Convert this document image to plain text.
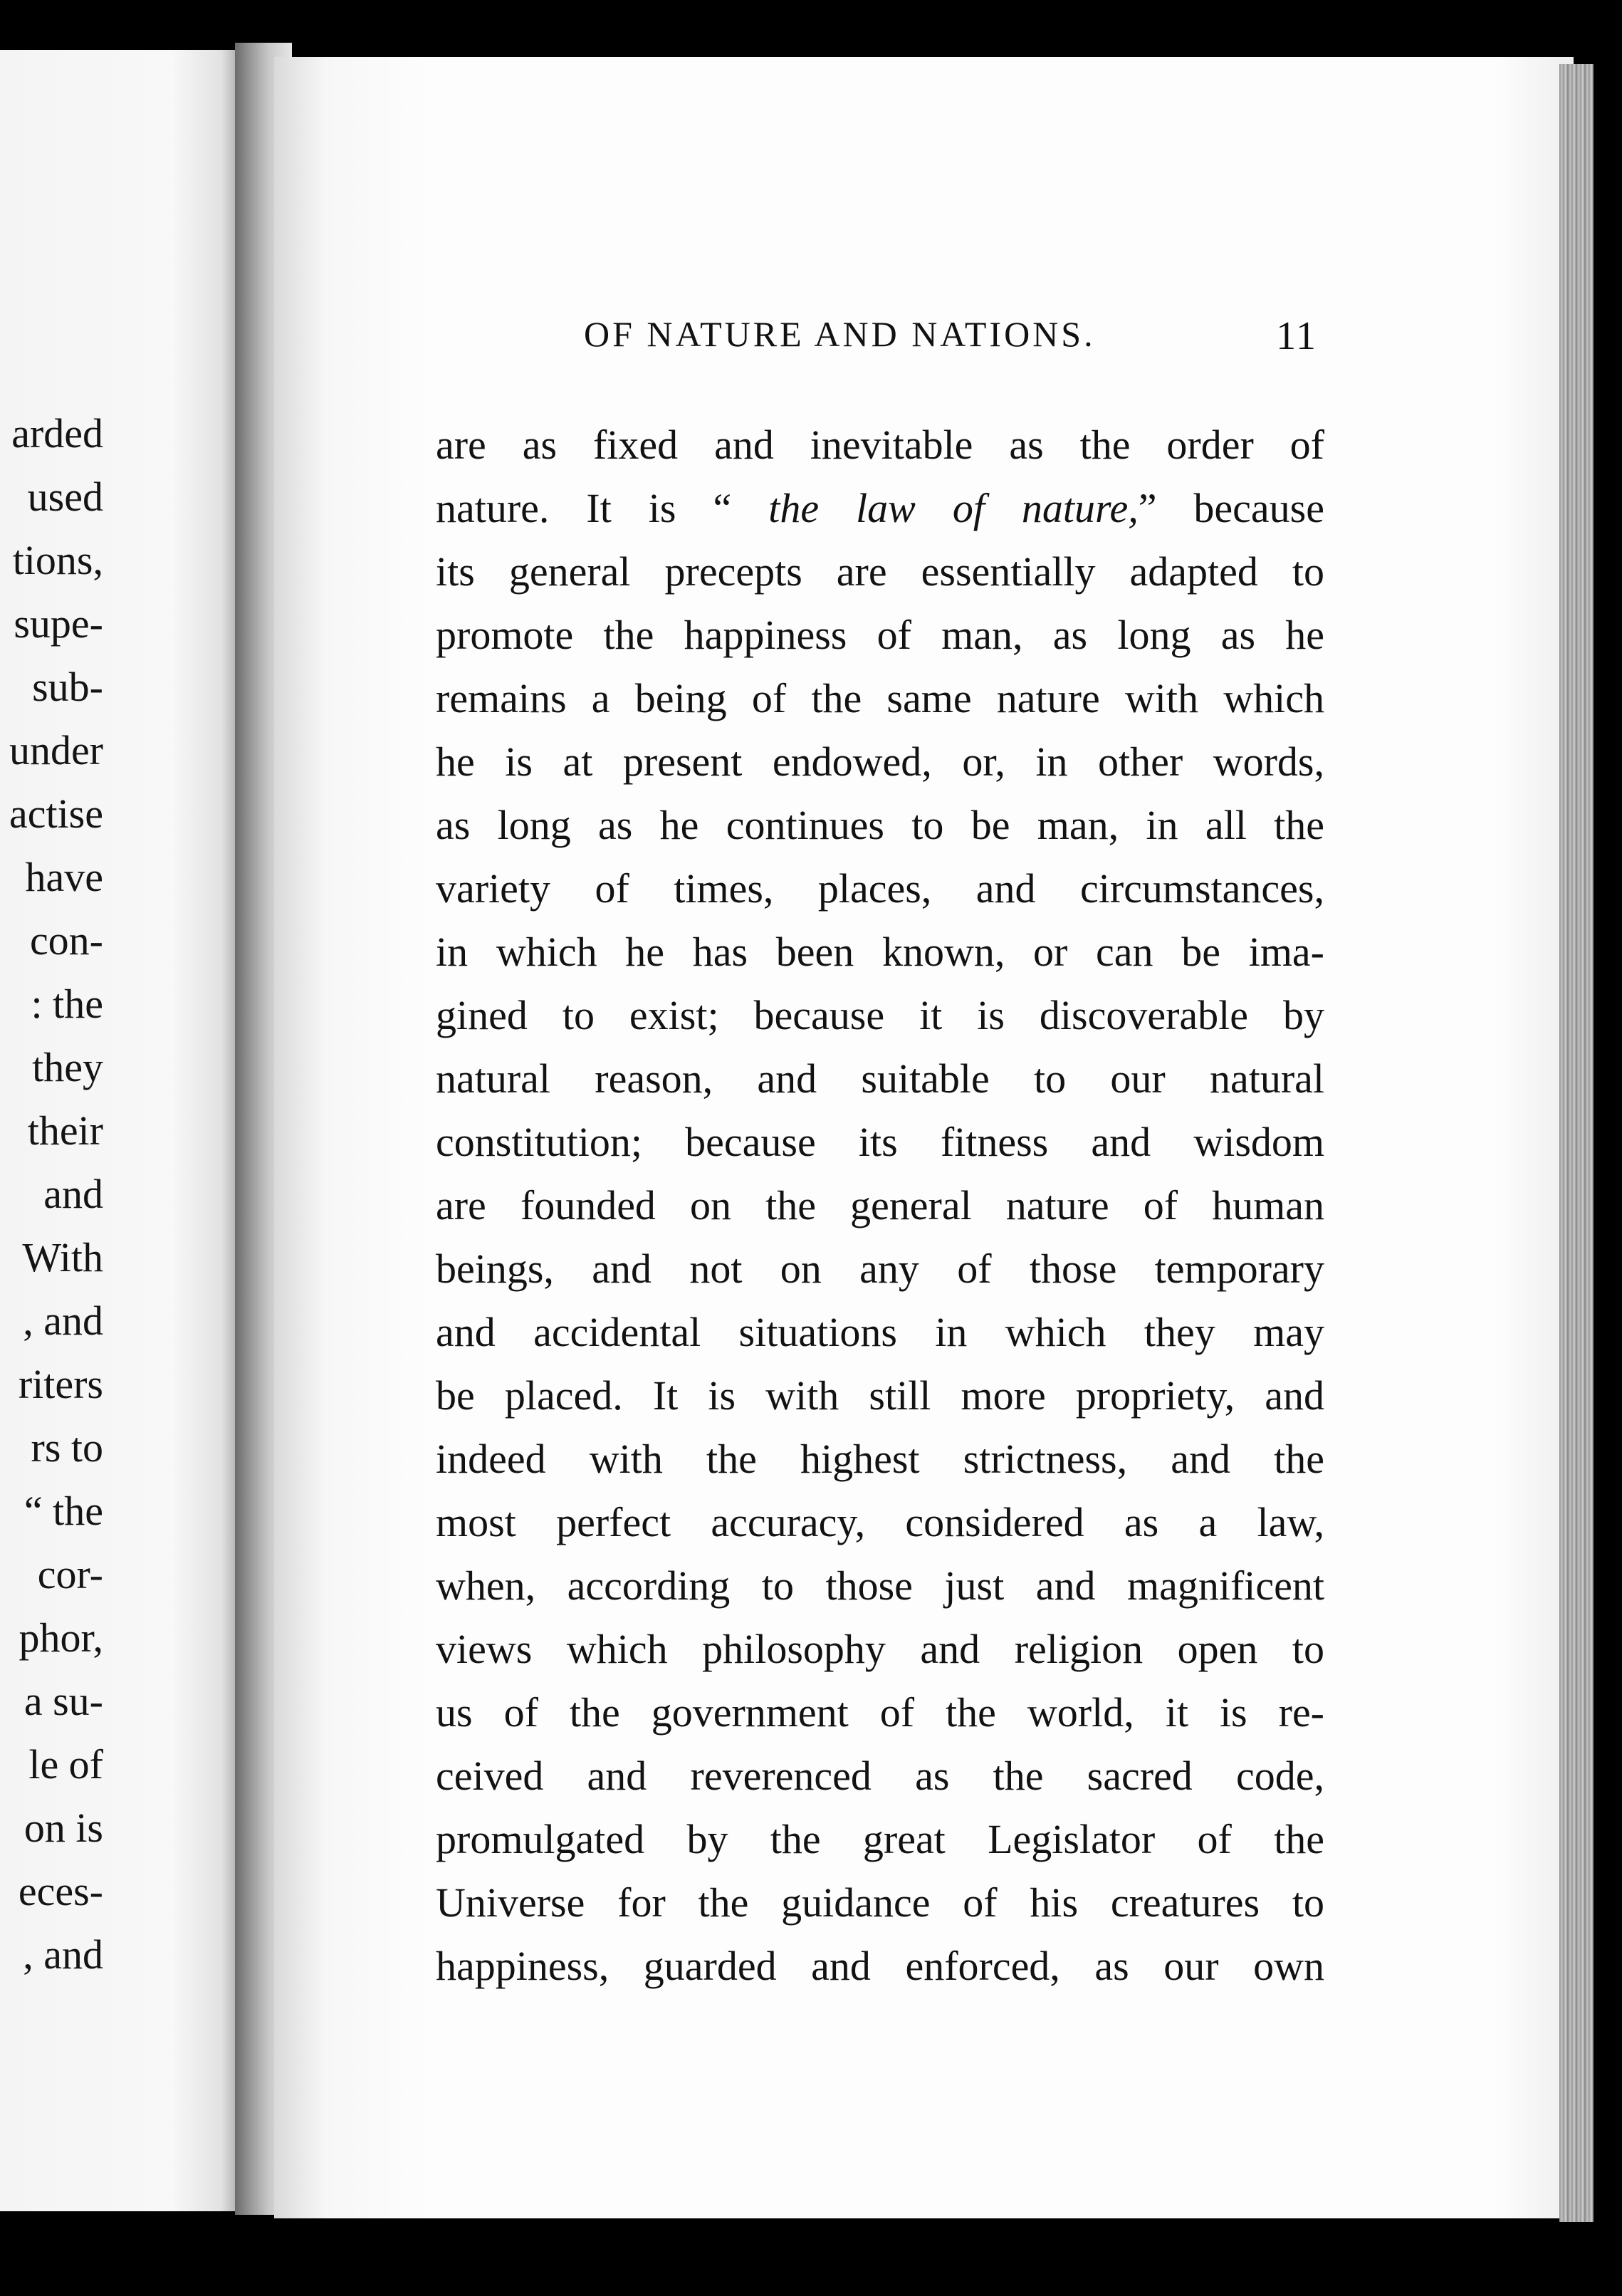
arded
used
tions,
supe-
sub-
under
actise
have
con-
: the
they
their
and
With
, and
riters
rs to
“ the
cor-
phor,
a su-
le of
on is
eces-
, and
OF NATURE AND NATIONS.	11
are as fixed and inevitable as the order of
nature. It is “ the law of nature,” because
its general precepts are essentially adapted to
promote the happiness of man, as long as he
remains a being of the same nature with which
he is at present endowed, or, in other words,
as long as he continues to be man, in all the
variety of times, places, and circumstances,
in which he has been known, or can be ima-
gined to exist; because it is discoverable by
natural reason, and suitable to our natural
constitution; because its fitness and wisdom
are founded on the general nature of human
beings, and not on any of those temporary
and accidental situations in which they may
be placed. It is with still more propriety, and
indeed with the highest strictness, and the
most perfect accuracy, considered as a law,
when, according to those just and magnificent
views which philosophy and religion open to
us of the government of the world, it is re-
ceived and reverenced as the sacred code,
promulgated by the great Legislator of the
Universe for the guidance of his creatures to
happiness, guarded and enforced, as our own
